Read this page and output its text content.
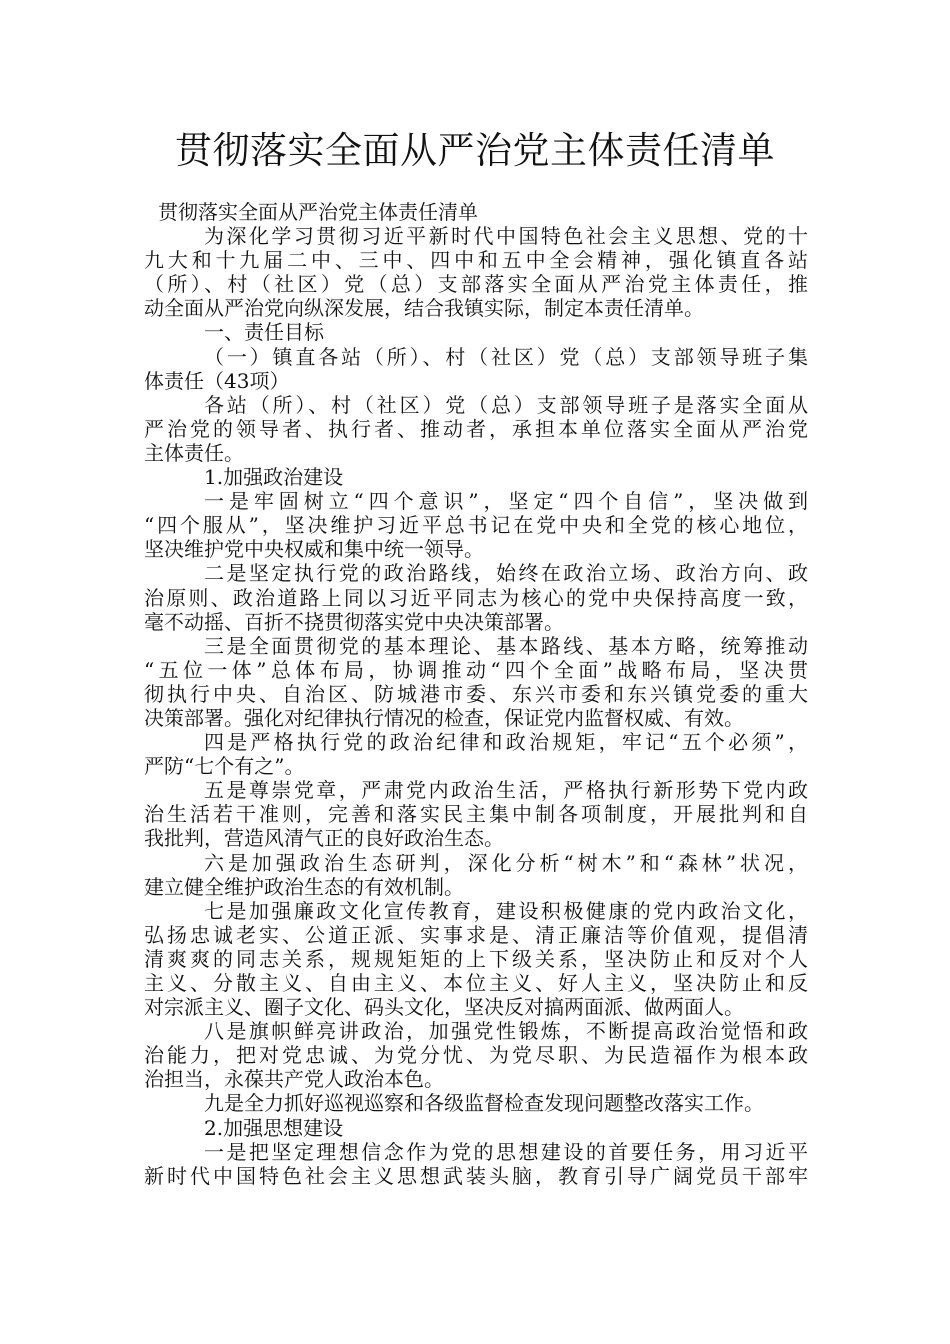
贯彻落实全面从严治党主体责任清单
贯彻落实全面从严治党主体责任清单
为深化学习贯彻习近平新时代中国特色社会主义思想、党的十
九大和十九届二中、三中、四中和五中全会精神，强化镇直各站
（所）、村（社区）党（总）支部落实全面从严治党主体责任，推
动全面从严治党向纵深发展，结合我镇实际，制定本责任清单。
一、责任目标
（一）镇直各站（所）、村（社区）党（总）支部领导班子集
体责任（43项）
各站（所）、村（社区）党（总）支部领导班子是落实全面从
严治党的领导者、执行者、推动者，承担本单位落实全面从严治党
主体责任。
1.加强政治建设
一是牢固树立“四个意识”，坚定“四个自信”，坚决做到
“四个服从”，坚决维护习近平总书记在党中央和全党的核心地位，
坚决维护党中央权威和集中统一领导。
二是坚定执行党的政治路线，始终在政治立场、政治方向、政
治原则、政治道路上同以习近平同志为核心的党中央保持高度一致，
毫不动摇、百折不挠贯彻落实党中央决策部署。
三是全面贯彻党的基本理论、基本路线、基本方略，统筹推动
“五位一体”总体布局，协调推动“四个全面”战略布局，坚决贯
彻执行中央、自治区、防城港市委、东兴市委和东兴镇党委的重大
决策部署。强化对纪律执行情况的检查，保证党内监督权威、有效。
四是严格执行党的政治纪律和政治规矩，牢记“五个必须”，
严防“七个有之”。
五是尊崇党章，严肃党内政治生活，严格执行新形势下党内政
治生活若干准则，完善和落实民主集中制各项制度，开展批判和自
我批判，营造风清气正的良好政治生态。
六是加强政治生态研判，深化分析“树木”和“森林”状况，
建立健全维护政治生态的有效机制。
七是加强廉政文化宣传教育，建设积极健康的党内政治文化，
弘扬忠诚老实、公道正派、实事求是、清正廉洁等价值观，提倡清
清爽爽的同志关系，规规矩矩的上下级关系，坚决防止和反对个人
主义、分散主义、自由主义、本位主义、好人主义，坚决防止和反
对宗派主义、圈子文化、码头文化，坚决反对搞两面派、做两面人。
八是旗帜鲜亮讲政治，加强党性锻炼，不断提高政治觉悟和政
治能力，把对党忠诚、为党分忧、为党尽职、为民造福作为根本政
治担当，永葆共产党人政治本色。
九是全力抓好巡视巡察和各级监督检查发现问题整改落实工作。
2.加强思想建设
一是把坚定理想信念作为党的思想建设的首要任务，用习近平
新时代中国特色社会主义思想武装头脑，教育引导广阔党员干部牢
